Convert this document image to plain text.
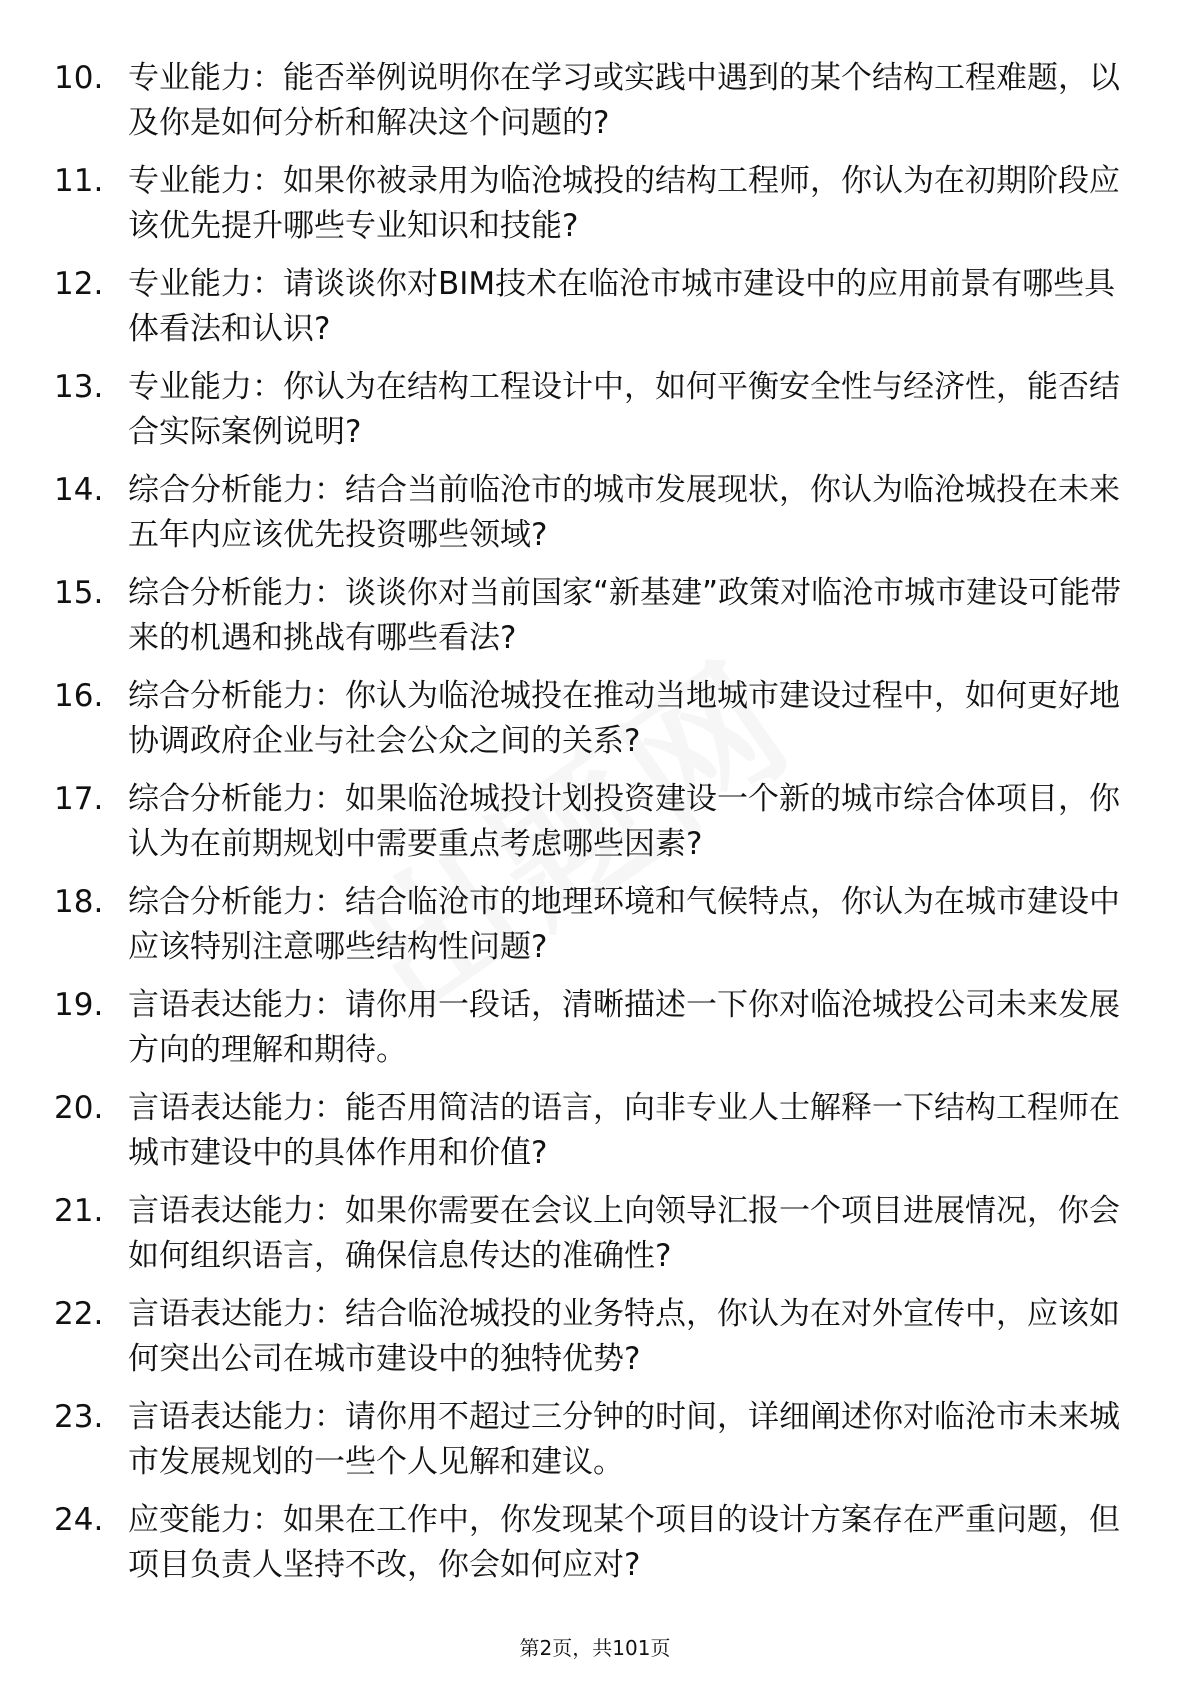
10. 专业能力：能否举例说明你在学习或实践中遇到的某个结构工程难题，以及你是如何分析和解决这个问题的?
11. 专业能力：如果你被录用为临沧城投的结构工程师，你认为在初期阶段应该优先提升哪些专业知识和技能?
12. 专业能力：请谈谈你对BIM技术在临沧市城市建设中的应用前景有哪些具体看法和认识?
13. 专业能力：你认为在结构工程设计中，如何平衡安全性与经济性，能否结合实际案例说明?
14. 综合分析能力：结合当前临沧市的城市发展现状，你认为临沧城投在未来五年内应该优先投资哪些领域?
15. 综合分析能力：谈谈你对当前国家“新基建”政策对临沧市城市建设可能带来的机遇和挑战有哪些看法?
16. 综合分析能力：你认为临沧城投在推动当地城市建设过程中，如何更好地协调政府企业与社会公众之间的关系?
17. 综合分析能力：如果临沧城投计划投资建设一个新的城市综合体项目，你认为在前期规划中需要重点考虑哪些因素?
18. 综合分析能力：结合临沧市的地理环境和气候特点，你认为在城市建设中应该特别注意哪些结构性问题?
19. 言语表达能力：请你用一段话，清晰描述一下你对临沧城投公司未来发展方向的理解和期待。
20. 言语表达能力：能否用简洁的语言，向非专业人士解释一下结构工程师在城市建设中的具体作用和价值?
21. 言语表达能力：如果你需要在会议上向领导汇报一个项目进展情况，你会如何组织语言，确保信息传达的准确性?
22. 言语表达能力：结合临沧城投的业务特点，你认为在对外宣传中，应该如何突出公司在城市建设中的独特优势?
23. 言语表达能力：请你用不超过三分钟的时间，详细阐述你对临沧市未来城市发展规划的一些个人见解和建议。
24. 应变能力：如果在工作中，你发现某个项目的设计方案存在严重问题，但项目负责人坚持不改，你会如何应对?
第2页，共101页
